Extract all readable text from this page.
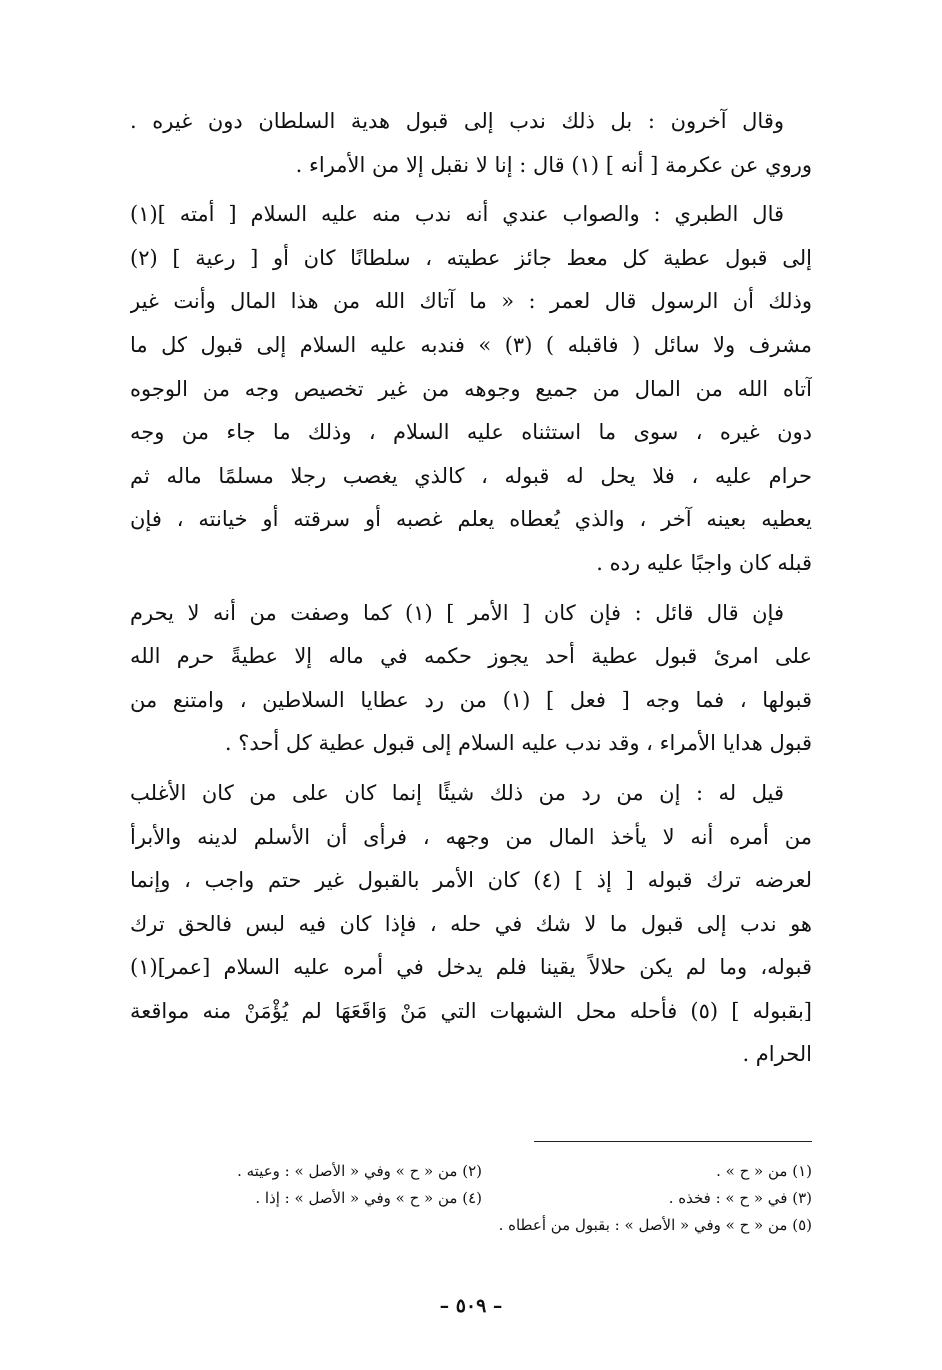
وقال آخرون : بل ذلك ندب إلى قبول هدية السلطان دون غيره .
وروي عن عكرمة [ أنه ] (١) قال : إنا لا نقبل إلا من الأمراء .
قال الطبري : والصواب عندي أنه ندب منه عليه السلام [ أمته ](١)
إلى قبول عطية كل معط جائز عطيته ، سلطانًا كان أو [ رعية ] (٢)
وذلك أن الرسول قال لعمر : « ما آتاك الله من هذا المال وأنت غير
مشرف ولا سائل ( فاقبله ) (٣) » فندبه عليه السلام إلى قبول كل ما
آتاه الله من المال من جميع وجوهه من غير تخصيص وجه من الوجوه
دون غيره ، سوى ما استثناه عليه السلام ، وذلك ما جاء من وجه
حرام عليه ، فلا يحل له قبوله ، كالذي يغصب رجلا مسلمًا ماله ثم
يعطيه بعينه آخر ، والذي يُعطاه يعلم غصبه أو سرقته أو خيانته ، فإن
قبله كان واجبًا عليه رده .
فإن قال قائل : فإن كان [ الأمر ] (١) كما وصفت من أنه لا يحرم
على امرئ قبول عطية أحد يجوز حكمه في ماله إلا عطيةً حرم الله
قبولها ، فما وجه [ فعل ] (١) من رد عطايا السلاطين ، وامتنع من
قبول هدايا الأمراء ، وقد ندب عليه السلام إلى قبول عطية كل أحد؟ .
قيل له : إن من رد من ذلك شيئًا إنما كان على من كان الأغلب
من أمره أنه لا يأخذ المال من وجهه ، فرأى أن الأسلم لدينه والأبرأ
لعرضه ترك قبوله [ إذ ] (٤) كان الأمر بالقبول غير حتم واجب ، وإنما
هو ندب إلى قبول ما لا شك في حله ، فإذا كان فيه لبس فالحق ترك
قبوله، وما لم يكن حلالاً يقينا فلم يدخل في أمره عليه السلام [عمر](١)
[بقبوله ] (٥) فأحله محل الشبهات التي مَنْ وَاقَعَهَا لم يُؤْمَنْ منه مواقعة
الحرام .
(١) من « ح » .
(٢) من « ح » وفي « الأصل » : وعيته .
(٣) في « ح » : فخذه .
(٤) من « ح » وفي « الأصل » : إذا .
(٥) من « ح » وفي « الأصل » : بقبول من أعطاه .
– ٥٠٩ –
